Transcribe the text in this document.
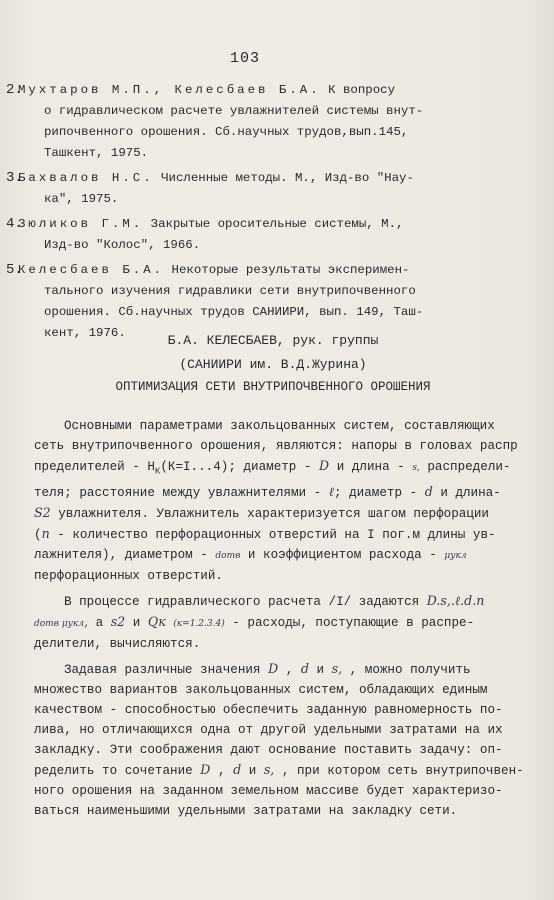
103
2.
Мухтаров М.П., Келесбаев Б.А. К вопросу
о гидравлическом расчете увлажнителей системы внут-
рипочвенного орошения. Сб.научных трудов,вып.145,
Ташкент, 1975.
3.
Бахвалов Н.С. Численные методы. М., Изд-во "Нау-
ка", 1975.
4.
Зюликов Г.М. Закрытые оросительные системы, М.,
Изд-во "Колос", 1966.
5.
Келесбаев Б.А. Некоторые результаты эксперимен-
тального изучения гидравлики сети внутрипочвенного
орошения. Сб.научных трудов САНИИРИ, вып. 149, Таш-
кент, 1976.	Б.А. КЕЛЕСБАЕВ, рук. группы
(САНИИРИ им. В.Д.Журина)
ОПТИМИЗАЦИЯ СЕТИ ВНУТРИПОЧВЕННОГО ОРОШЕНИЯ
Основными параметрами закольцованных систем, составляющих
сеть внутрипочвенного орошения, являются: напоры в головах распр
пределителей - $Н_К(К=I...4)$; диаметр - D и длина - s, распредели-
теля; расстояние между увлажнителями - ℓ; диаметр - d и длина-
S2 увлажнителя. Увлажнитель характеризуется шагом перфорации
(n - количество перфорационных отверстий на I пог.м длины ув-
лажнителя), диаметром - dотв и коэффициентом расхода - μукл
перфорационных отверстий.
В процессе гидравлического расчета /I/ задаются D.s,.ℓ.d.n
dотв μукл, а s2 и Qк (к=1.2.3.4) - расходы, поступающие в распре-
делители, вычисляются.
Задавая различные значения D , d и s, , можно получить
множество вариантов закольцованных систем, обладающих единым
качеством - способностью обеспечить заданную равномерность по-
лива, но отличающихся одна от другой удельными затратами на их
закладку. Эти соображения дают основание поставить задачу: оп-
ределить то сочетание D , d и s, , при котором сеть внутрипочвен-
ного орошения на заданном земельном массиве будет характеризо-
ваться наименьшими удельными затратами на закладку сети.
